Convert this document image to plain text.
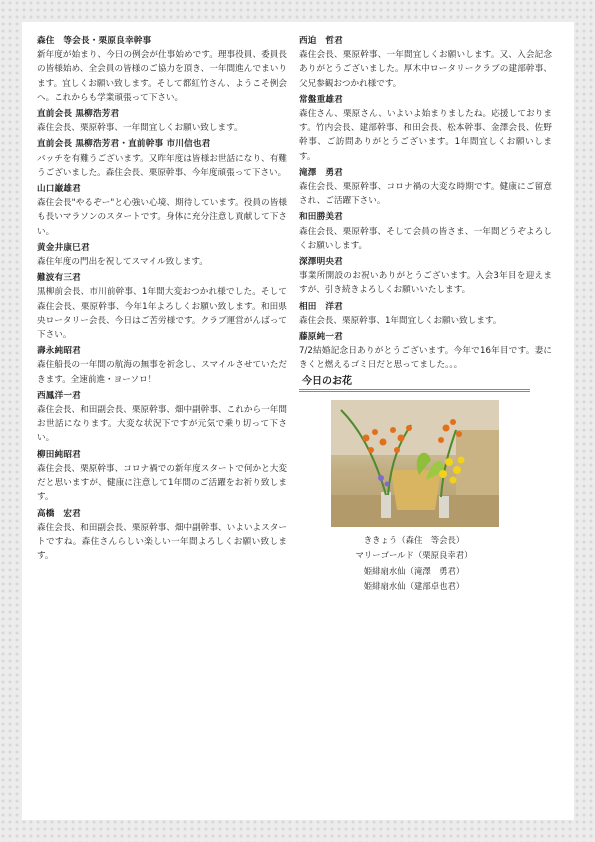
森住　等会長・栗原良幸幹事

新年度が始まり、今日の例会が仕事始めです。理事役員、委員長の皆様始め、全会員の皆様のご協力を頂き、一年間進んでまいります。宜しくお願い致します。そして都紅竹さん、ようこそ例会へ。これからも学業頑張って下さい。

直前会長 黒柳浩芳君

森住会長、栗原幹事、一年間宜しくお願い致します。

直前会長 黒柳浩芳君・直前幹事 市川信也君

バッチを有難うございます。又昨年度は皆様お世話になり、有難うございました。森住会長、栗原幹事、今年度頑張って下さい。

山口巌雄君

森住会長"やるぞー"と心強い心境、期待しています。役員の皆様も長いマラソンのスタートです。身体に充分注意し貢献して下さい。

黄金井康巳君

森住年度の門出を祝してスマイル致します。

難波有三君

黒柳前会長、市川前幹事、1年間大変おつかれ様でした。そして森住会長、栗原幹事、今年1年よろしくお願い致します。和田県央ロータリー会長、今日はご苦労様です。クラブ運営がんばって下さい。

壽永純昭君

森住船長の一年間の航海の無事を祈念し、スマイルさせていただきます。全速前進・ヨーソロ！

西鳳洋一君

森住会長、和田副会長、栗原幹事、畑中副幹事、これから一年間お世話になります。大変な状況下ですが元気で乗り切って下さい。

柳田純昭君

森住会長、栗原幹事、コロナ禍での新年度スタートで何かと大変だと思いますが、健康に注意して1年間のご活躍をお祈り致します。

高橋　宏君

森住会長、和田副会長、栗原幹事、畑中副幹事、いよいよスタートですね。森住さんらしい楽しい一年間よろしくお願い致します。

西迫　哲君

森住会長、栗原幹事、一年間宜しくお願いします。又、入会記念ありがとうございました。厚木中ロータリークラブの建部幹事、父兄参観おつかれ様です。

常盤重雄君

森住さん、栗原さん、いよいよ始まりましたね。応援しております。竹内会長、建部幹事、和田会長、松本幹事、金澤会長、佐野幹事、ご訪問ありがとうございます。1年間宜しくお願いします。

滝澤　勇君

森住会長、栗原幹事、コロナ禍の大変な時期です。健康にご留意され、ご活躍下さい。

和田勝美君

森住会長、栗原幹事、そして会員の皆さま、一年間どうぞよろしくお願いします。

深澤明央君

事業所開設のお祝いありがとうございます。入会3年目を迎えますが、引き続きよろしくお願いいたします。

相田　洋君

森住会長、栗原幹事、1年間宜しくお願い致します。

藤原純一君

7/2結婚記念日ありがとうございます。今年で16年目です。妻にきくと燃えるゴミ日だと思ってました。。。

今日のお花
ききょう（森住　等会長）
マリーゴールド（栗原良幸君）
姫緋扇水仙（滝澤　勇君）
姫緋扇水仙（建部卓也君）
